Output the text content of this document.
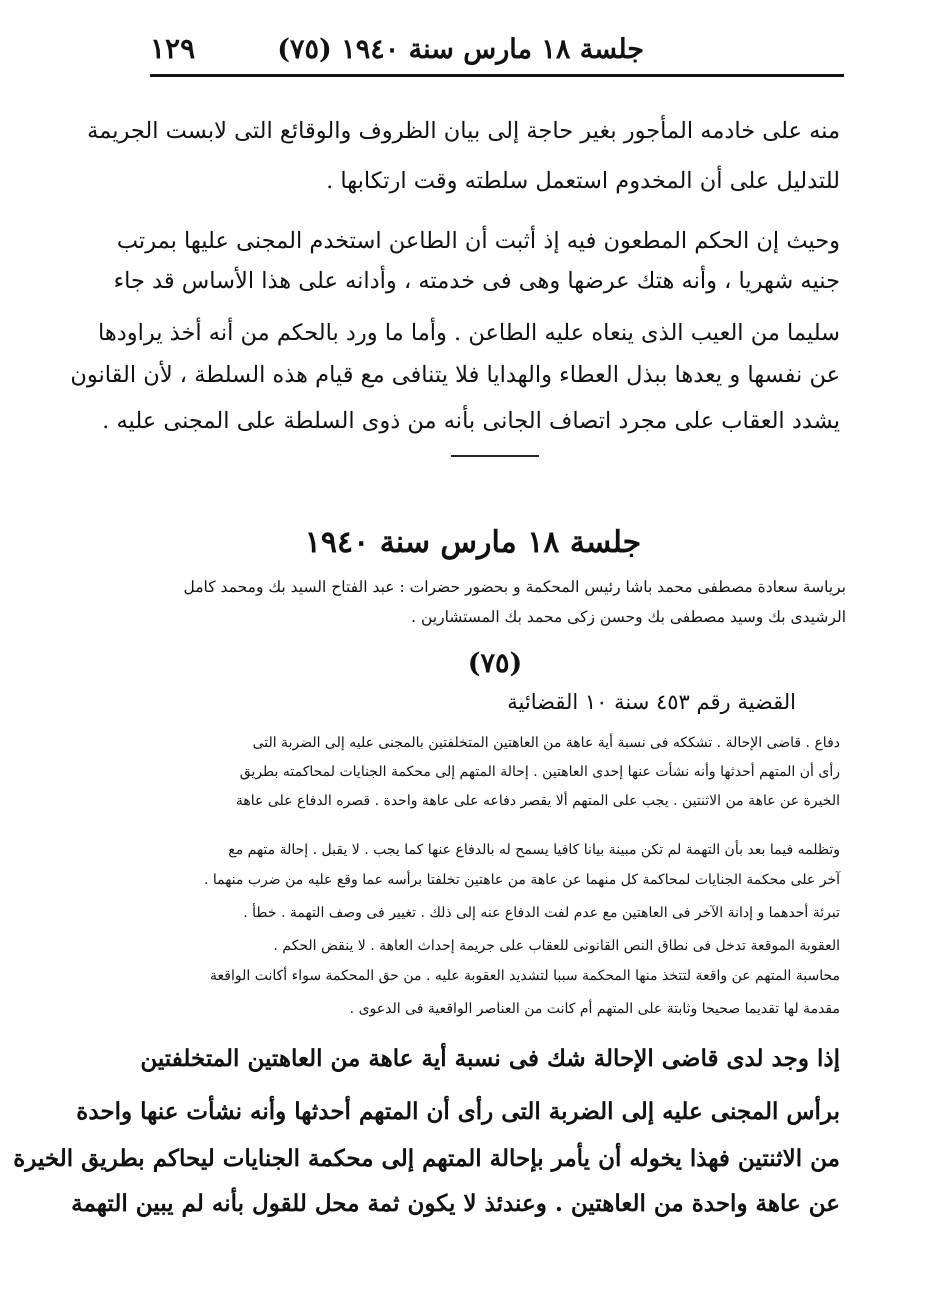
جلسة ١٨ مارس سنة ١٩٤٠ (٧٥)
١٢٩
منه على خادمه المأجور بغير حاجة إلى بيان الظروف والوقائع التى لابست الجريمة
للتدليل على أن المخدوم استعمل سلطته وقت ارتكابها .
وحيث إن الحكم المطعون فيه إذ أثبت أن الطاعن استخدم المجنى عليها بمرتب
جنيه شهريا ، وأنه هتك عرضها وهى فى خدمته ، وأدانه على هذا الأساس قد جاء
سليما من العيب الذى ينعاه عليه الطاعن . وأما ما ورد بالحكم من أنه أخذ يراودها
عن نفسها و يعدها ببذل العطاء والهدايا فلا يتنافى مع قيام هذه السلطة ، لأن القانون
يشدد العقاب على مجرد اتصاف الجانى بأنه من ذوى السلطة على المجنى عليه .
جلسة ١٨ مارس سنة ١٩٤٠
برياسة سعادة مصطفى محمد باشا رئيس المحكمة و بحضور حضرات : عبد الفتاح السيد بك ومحمد كامل
الرشيدى بك وسيد مصطفى بك وحسن زكى محمد بك المستشارين .
(٧٥)
القضية رقم ٤٥٣ سنة ١٠ القضائية
دفاع . قاضى الإحالة . تشككه فى نسبة أية عاهة من العاهتين المتخلفتين بالمجنى عليه إلى الضربة التى
رأى أن المتهم أحدثها وأنه نشأت عنها إحدى العاهتين . إحالة المتهم إلى محكمة الجنايات لمحاكمته بطريق
الخيرة عن عاهة من الاثنتين . يجب على المتهم ألا يقصر دفاعه على عاهة واحدة . قصره الدفاع على عاهة
وتظلمه فيما بعد بأن التهمة لم تكن مبينة بيانا كافيا يسمح له بالدفاع عنها كما يجب . لا يقبل . إحالة متهم مع
آخر على محكمة الجنايات لمحاكمة كل منهما عن عاهة من عاهتين تخلفتا برأسه عما وقع عليه من ضرب منهما .
تبرئة أحدهما و إدانة الآخر فى العاهتين مع عدم لفت الدفاع عنه إلى ذلك . تغيير فى وصف التهمة . خطأ .
العقوبة الموقعة تدخل فى نطاق النص القانونى للعقاب على جريمة إحداث العاهة . لا ينقض الحكم .
محاسبة المتهم عن واقعة لتتخذ منها المحكمة سببا لتشديد العقوبة عليه . من حق المحكمة سواء أكانت الواقعة
مقدمة لها تقديما صحيحا وثابتة على المتهم أم كانت من العناصر الواقعية فى الدعوى .
إذا وجد لدى قاضى الإحالة شك فى نسبة أية عاهة من العاهتين المتخلفتين
برأس المجنى عليه إلى الضربة التى رأى أن المتهم أحدثها وأنه نشأت عنها واحدة
من الاثنتين فهذا يخوله أن يأمر بإحالة المتهم إلى محكمة الجنايات ليحاكم بطريق الخيرة
عن عاهة واحدة من العاهتين . وعندئذ لا يكون ثمة محل للقول بأنه لم يبين التهمة
